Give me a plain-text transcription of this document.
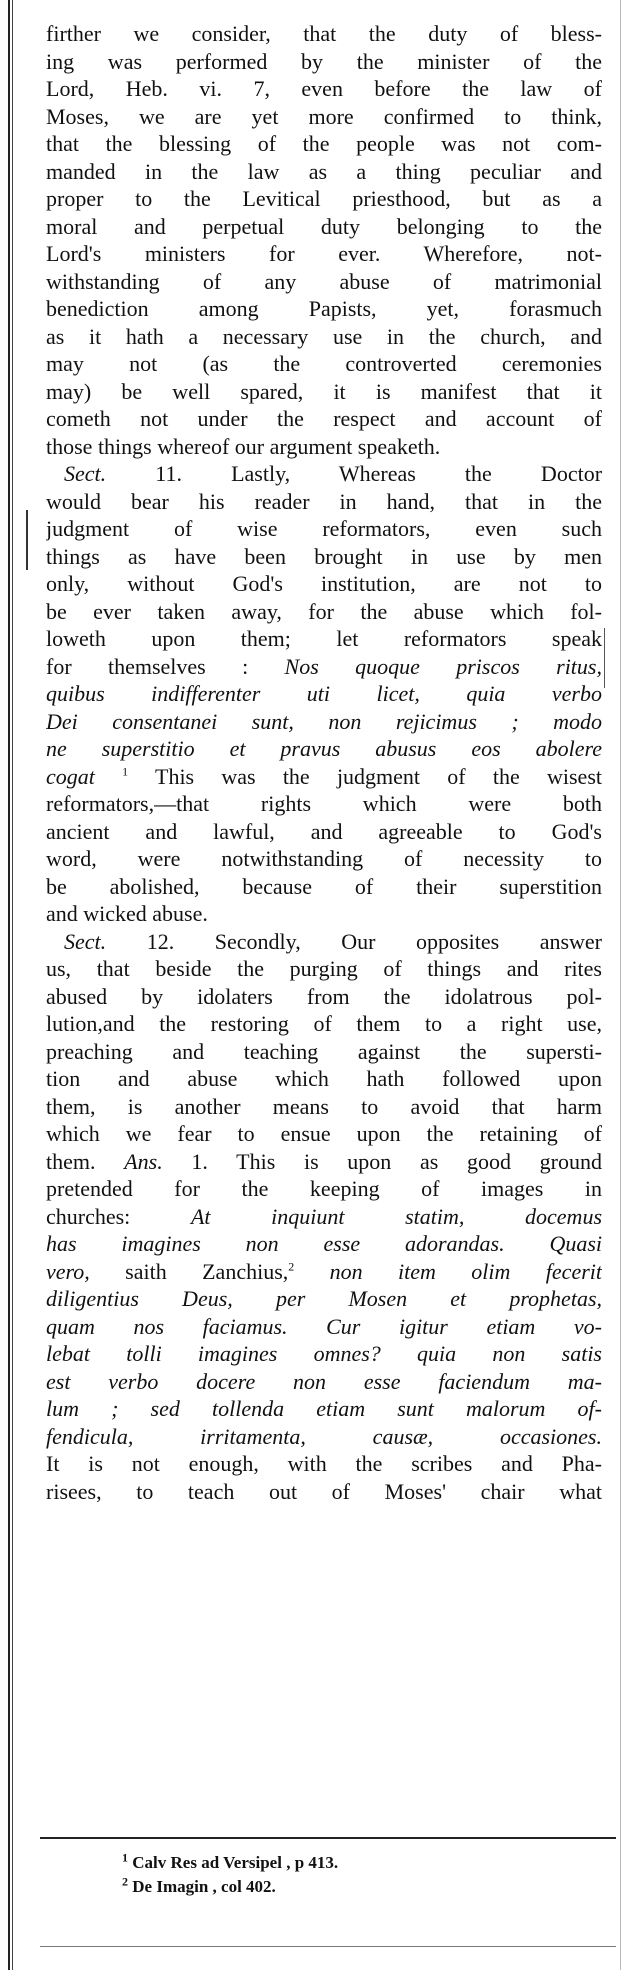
firther we consider, that the duty of bless-
ing was performed by the minister of the
Lord, Heb. vi. 7, even before the law of
Moses, we are yet more confirmed to think,
that the blessing of the people was not com-
manded in the law as a thing peculiar and
proper to the Levitical priesthood, but as a
moral and perpetual duty belonging to the
Lord's ministers for ever. Wherefore, not-
withstanding of any abuse of matrimonial
benediction among Papists, yet, forasmuch
as it hath a necessary use in the church, and
may not (as the controverted ceremonies
may) be well spared, it is manifest that it
cometh not under the respect and account of
those things whereof our argument speaketh.
Sect. 11. Lastly, Whereas the Doctor
would bear his reader in hand, that in the
judgment of wise reformators, even such
things as have been brought in use by men
only, without God's institution, are not to
be ever taken away, for the abuse which fol-
loweth upon them; let reformators speak
for themselves : Nos quoque priscos ritus,
quibus indifferenter uti licet, quia verbo
Dei consentanei sunt, non rejicimus ; modo
ne superstitio et pravus abusus eos abolere
cogat $^1$ This was the judgment of the wisest
reformators,—that rights which were both
ancient and lawful, and agreeable to God's
word, were notwithstanding of necessity to
be abolished, because of their superstition
and wicked abuse.
Sect. 12. Secondly, Our opposites answer
us, that beside the purging of things and rites
abused by idolaters from the idolatrous pol-
lution,and the restoring of them to a right use,
preaching and teaching against the supersti-
tion and abuse which hath followed upon
them, is another means to avoid that harm
which we fear to ensue upon the retaining of
them. Ans. 1. This is upon as good ground
pretended for the keeping of images in
churches:	At inquiunt statim, docemus
has imagines non esse adorandas. Quasi
vero, saith Zanchius,$^2$ non item olim fecerit
diligentius Deus, per Mosen et prophetas,
quam nos faciamus. Cur igitur etiam vo-
lebat tolli imagines omnes? quia non satis
est verbo docere non esse faciendum ma-
lum ; sed tollenda etiam sunt malorum of-
fendicula, irritamenta, causæ, occasiones.
It is not enough, with the scribes and Pha-
risees, to teach out of Moses' chair what
$^1$ Calv Res ad Versipel , p 413.
$^2$ De Imagin , col 402.
